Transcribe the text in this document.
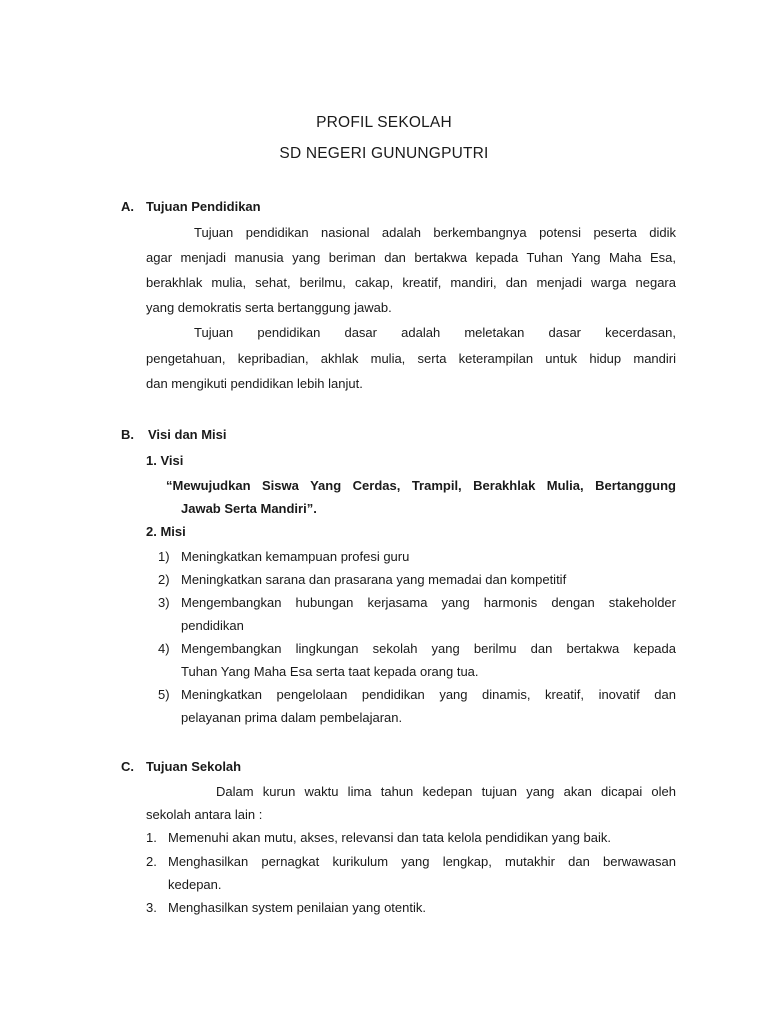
PROFIL SEKOLAH
SD NEGERI GUNUNGPUTRI
A. Tujuan Pendidikan
Tujuan pendidikan nasional adalah berkembangnya potensi peserta didik
agar menjadi manusia yang beriman dan bertakwa kepada Tuhan Yang Maha Esa,
berakhlak mulia, sehat, berilmu, cakap, kreatif, mandiri, dan menjadi warga negara
yang demokratis serta bertanggung jawab.
Tujuan pendidikan dasar adalah meletakan dasar kecerdasan,
pengetahuan, kepribadian, akhlak mulia, serta keterampilan untuk hidup mandiri
dan mengikuti pendidikan lebih lanjut.
B. Visi dan Misi
1. Visi
“Mewujudkan Siswa Yang Cerdas, Trampil, Berakhlak Mulia, Bertanggung
Jawab Serta Mandiri”.
2. Misi
1) Meningkatkan kemampuan profesi guru
2) Meningkatkan sarana dan prasarana yang memadai dan kompetitif
3) Mengembangkan hubungan kerjasama yang harmonis dengan stakeholder
pendidikan
4) Mengembangkan lingkungan sekolah yang berilmu dan bertakwa kepada
Tuhan Yang Maha Esa serta taat kepada orang tua.
5) Meningkatkan pengelolaan pendidikan yang dinamis, kreatif, inovatif dan
pelayanan prima dalam pembelajaran.
C. Tujuan Sekolah
Dalam kurun waktu lima tahun kedepan tujuan yang akan dicapai oleh
sekolah antara lain :
1. Memenuhi akan mutu, akses, relevansi dan tata kelola pendidikan yang baik.
2. Menghasilkan pernagkat kurikulum yang lengkap, mutakhir dan berwawasan
kedepan.
3. Menghasilkan system penilaian yang otentik.
